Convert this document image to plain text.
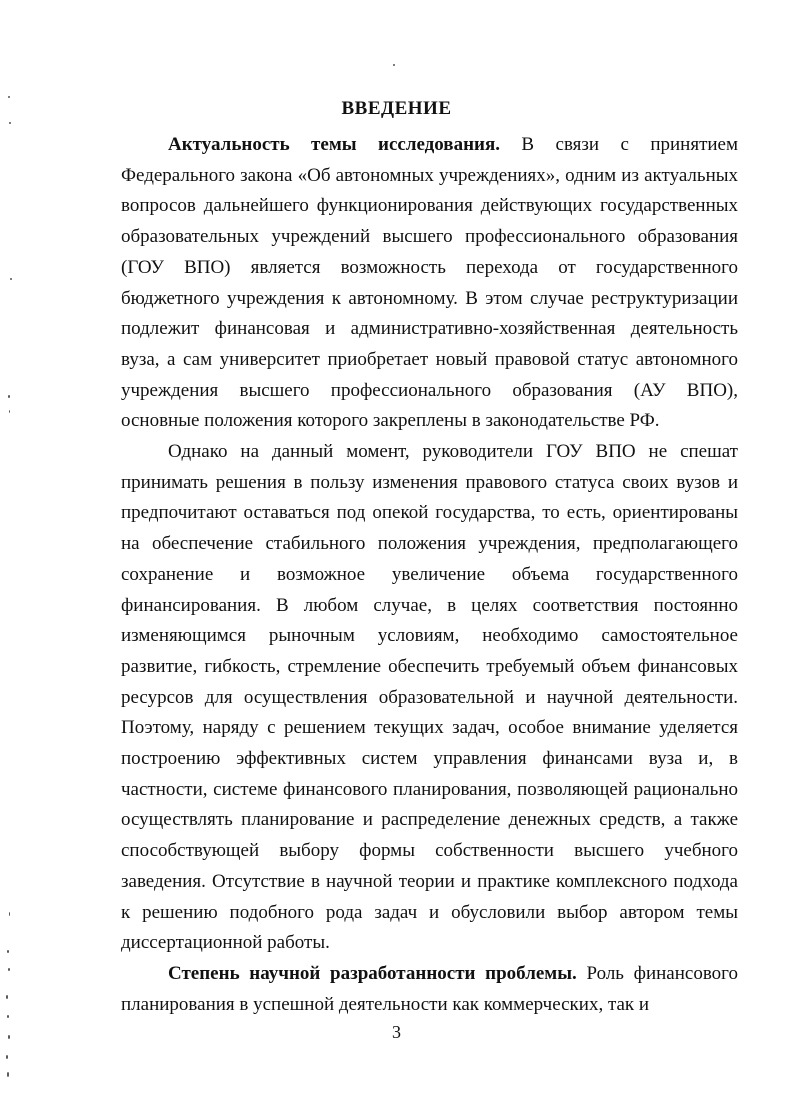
ВВЕДЕНИЕ

Актуальность темы исследования. В связи с принятием Федерального закона «Об автономных учреждениях», одним из актуальных вопросов дальнейшего функционирования действующих государственных образовательных учреждений высшего профессионального образования (ГОУ ВПО) является возможность перехода от государственного бюджетного учреждения к автономному. В этом случае реструктуризации подлежит финансовая и административно-хозяйственная деятельность вуза, а сам университет приобретает новый правовой статус автономного учреждения высшего профессионального образования (АУ ВПО), основные положения которого закреплены в законодательстве РФ.

Однако на данный момент, руководители ГОУ ВПО не спешат принимать решения в пользу изменения правового статуса своих вузов и предпочитают оставаться под опекой государства, то есть, ориентированы на обеспечение стабильного положения учреждения, предполагающего сохранение и возможное увеличение объема государственного финансирования. В любом случае, в целях соответствия постоянно изменяющимся рыночным условиям, необходимо самостоятельное развитие, гибкость, стремление обеспечить требуемый объем финансовых ресурсов для осуществления образовательной и научной деятельности. Поэтому, наряду с решением текущих задач, особое внимание уделяется построению эффективных систем управления финансами вуза и, в частности, системе финансового планирования, позволяющей рационально осуществлять планирование и распределение денежных средств, а также способствующей выбору формы собственности высшего учебного заведения. Отсутствие в научной теории и практике комплексного подхода к решению подобного рода задач и обусловили выбор автором темы диссертационной работы.

Степень научной разработанности проблемы. Роль финансового планирования в успешной деятельности как коммерческих, так и

3
